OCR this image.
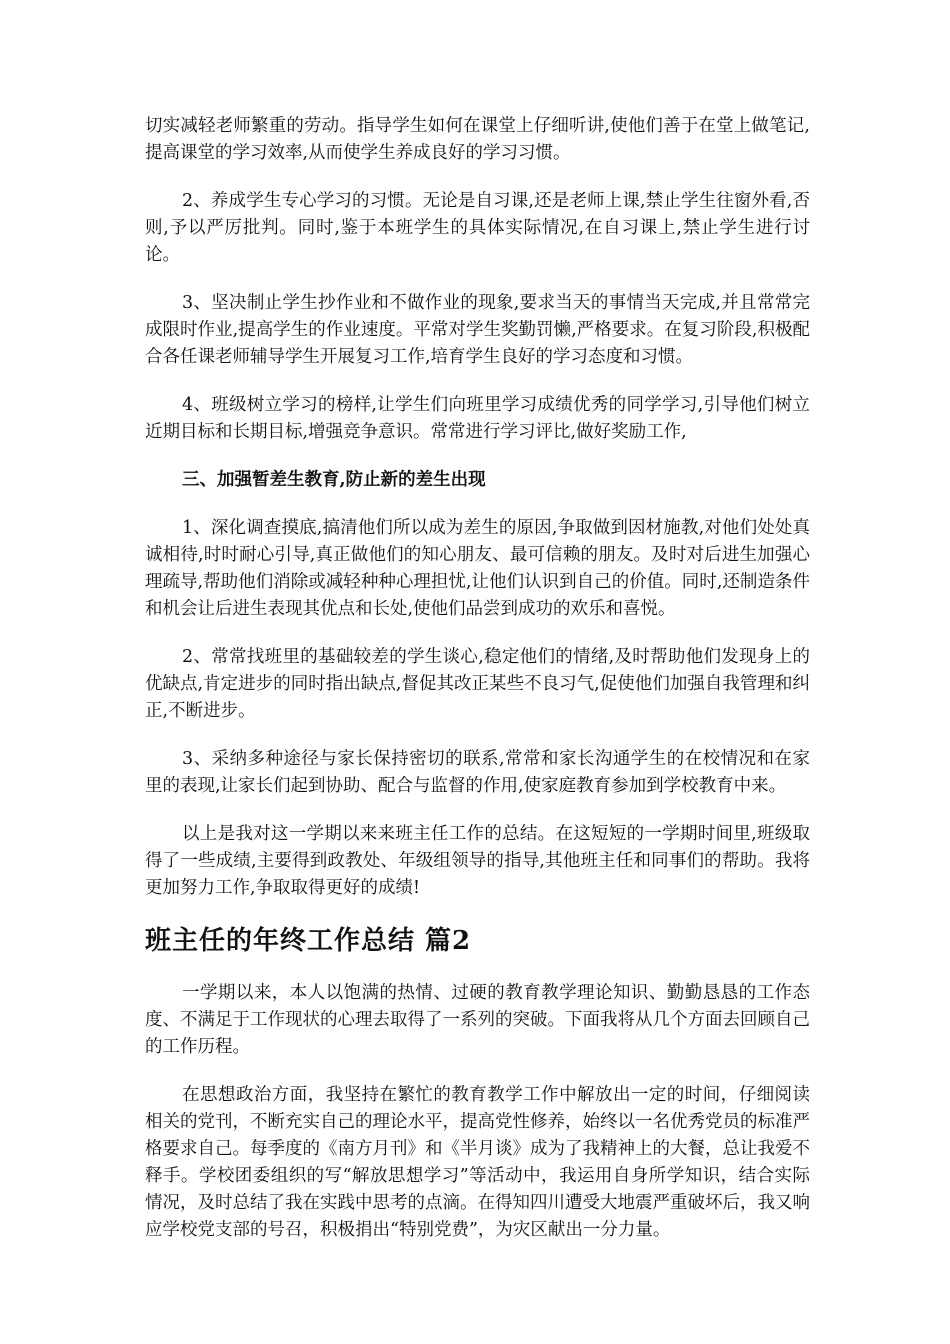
切实减轻老师繁重的劳动。指导学生如何在课堂上仔细听讲,使他们善于在堂上做笔记,提高课堂的学习效率,从而使学生养成良好的学习习惯。

2、养成学生专心学习的习惯。无论是自习课,还是老师上课,禁止学生往窗外看,否则,予以严厉批判。同时,鉴于本班学生的具体实际情况,在自习课上,禁止学生进行讨论。

3、坚决制止学生抄作业和不做作业的现象,要求当天的事情当天完成,并且常常完成限时作业,提高学生的作业速度。平常对学生奖勤罚懒,严格要求。在复习阶段,积极配合各任课老师辅导学生开展复习工作,培育学生良好的学习态度和习惯。

4、班级树立学习的榜样,让学生们向班里学习成绩优秀的同学学习,引导他们树立近期目标和长期目标,增强竞争意识。常常进行学习评比,做好奖励工作,

三、加强暂差生教育,防止新的差生出现

1、深化调查摸底,搞清他们所以成为差生的原因,争取做到因材施教,对他们处处真诚相待,时时耐心引导,真正做他们的知心朋友、最可信赖的朋友。及时对后进生加强心理疏导,帮助他们消除或减轻种种心理担忧,让他们认识到自己的价值。同时,还制造条件和机会让后进生表现其优点和长处,使他们品尝到成功的欢乐和喜悦。

2、常常找班里的基础较差的学生谈心,稳定他们的情绪,及时帮助他们发现身上的优缺点,肯定进步的同时指出缺点,督促其改正某些不良习气,促使他们加强自我管理和纠正,不断进步。

3、采纳多种途径与家长保持密切的联系,常常和家长沟通学生的在校情况和在家里的表现,让家长们起到协助、配合与监督的作用,使家庭教育参加到学校教育中来。

以上是我对这一学期以来来班主任工作的总结。在这短短的一学期时间里,班级取得了一些成绩,主要得到政教处、年级组领导的指导,其他班主任和同事们的帮助。我将更加努力工作,争取取得更好的成绩!

班主任的年终工作总结 篇2

一学期以来，本人以饱满的热情、过硬的教育教学理论知识、勤勤恳恳的工作态度、不满足于工作现状的心理去取得了一系列的突破。下面我将从几个方面去回顾自己的工作历程。

在思想政治方面，我坚持在繁忙的教育教学工作中解放出一定的时间，仔细阅读相关的党刊，不断充实自己的理论水平，提高党性修养，始终以一名优秀党员的标准严格要求自己。每季度的《南方月刊》和《半月谈》成为了我精神上的大餐，总让我爱不释手。学校团委组织的写“解放思想学习”等活动中，我运用自身所学知识，结合实际情况，及时总结了我在实践中思考的点滴。在得知四川遭受大地震严重破坏后，我又响应学校党支部的号召，积极捐出“特别党费”，为灾区献出一分力量。
